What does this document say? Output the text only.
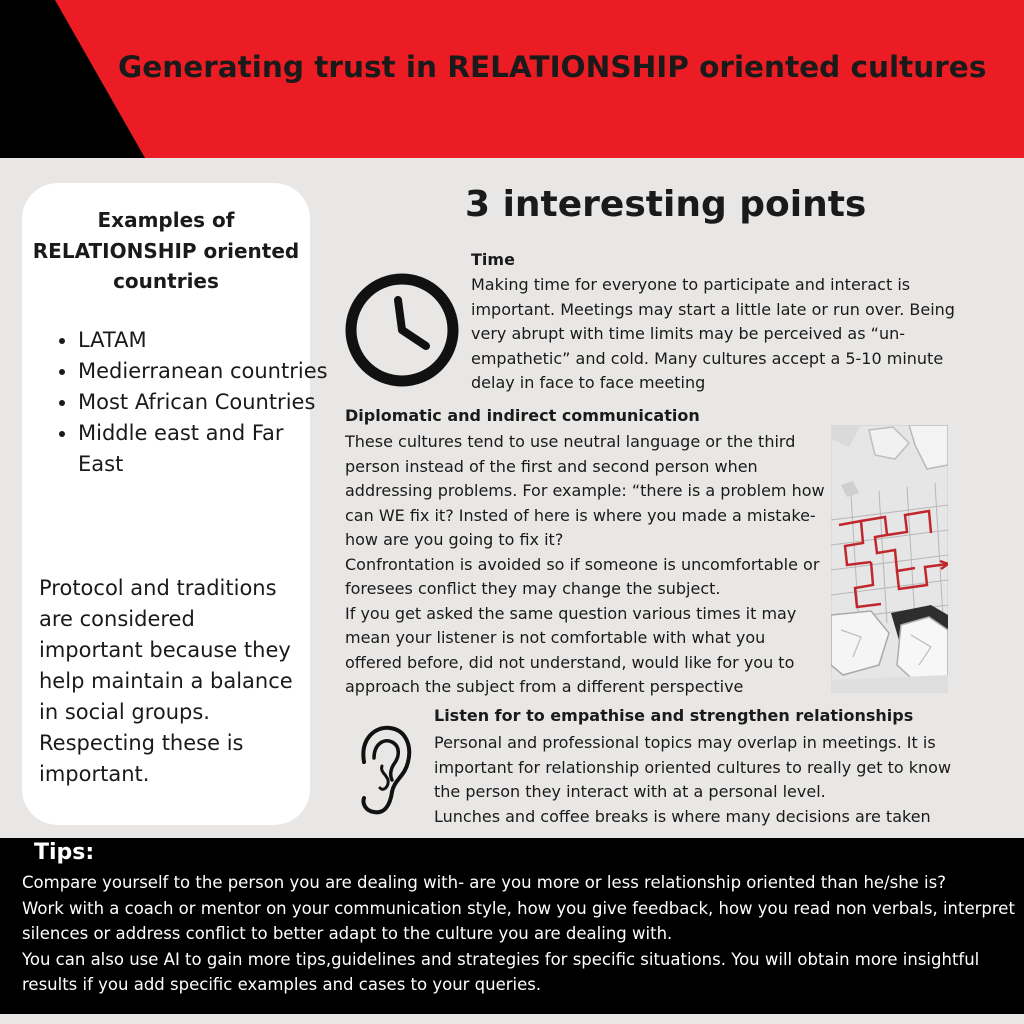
Generating trust in RELATIONSHIP oriented cultures
Examples of RELATIONSHIP oriented countries
• LATAM
• Medierranean countries
• Most African Countries
• Middle east and Far East

Protocol and traditions are considered important because they help maintain a balance in social groups. Respecting these is important.

3 interesting points
Time

Making time for everyone to participate and interact is important. Meetings may start a little late or run over. Being very abrupt with time limits may be perceived as “un-empathetic” and cold. Many cultures accept a 5-10 minute delay in face to face meeting

Diplomatic and indirect communication

These cultures tend to use neutral language or the third person instead of the first and second person when addressing problems. For example: “there is a problem how can WE fix it? Insted of here is where you made a mistake- how are you going to fix it?
Confrontation is avoided so if someone is uncomfortable or foresees conflict they may change the subject.
If you get asked the same question various times it may mean your listener is not comfortable with what you offered before, did not understand, would like for you to approach the subject from a different perspective

Listen for to empathise and strengthen relationships

Personal and professional topics may overlap in meetings. It is important for relationship oriented cultures to really get to know the person they interact with at a personal level.
Lunches and coffee breaks is where many decisions are taken

Tips:

Compare yourself to the person you are dealing with- are you more or less relationship oriented than he/she is?

Work with a coach or mentor on your communication style, how you give feedback, how you read non verbals, interpret silences or address conflict to better adapt to the culture you are dealing with.

You can also use AI to gain more tips,guidelines and strategies for specific situations. You will obtain more insightful results if you add specific examples and cases to your queries.
